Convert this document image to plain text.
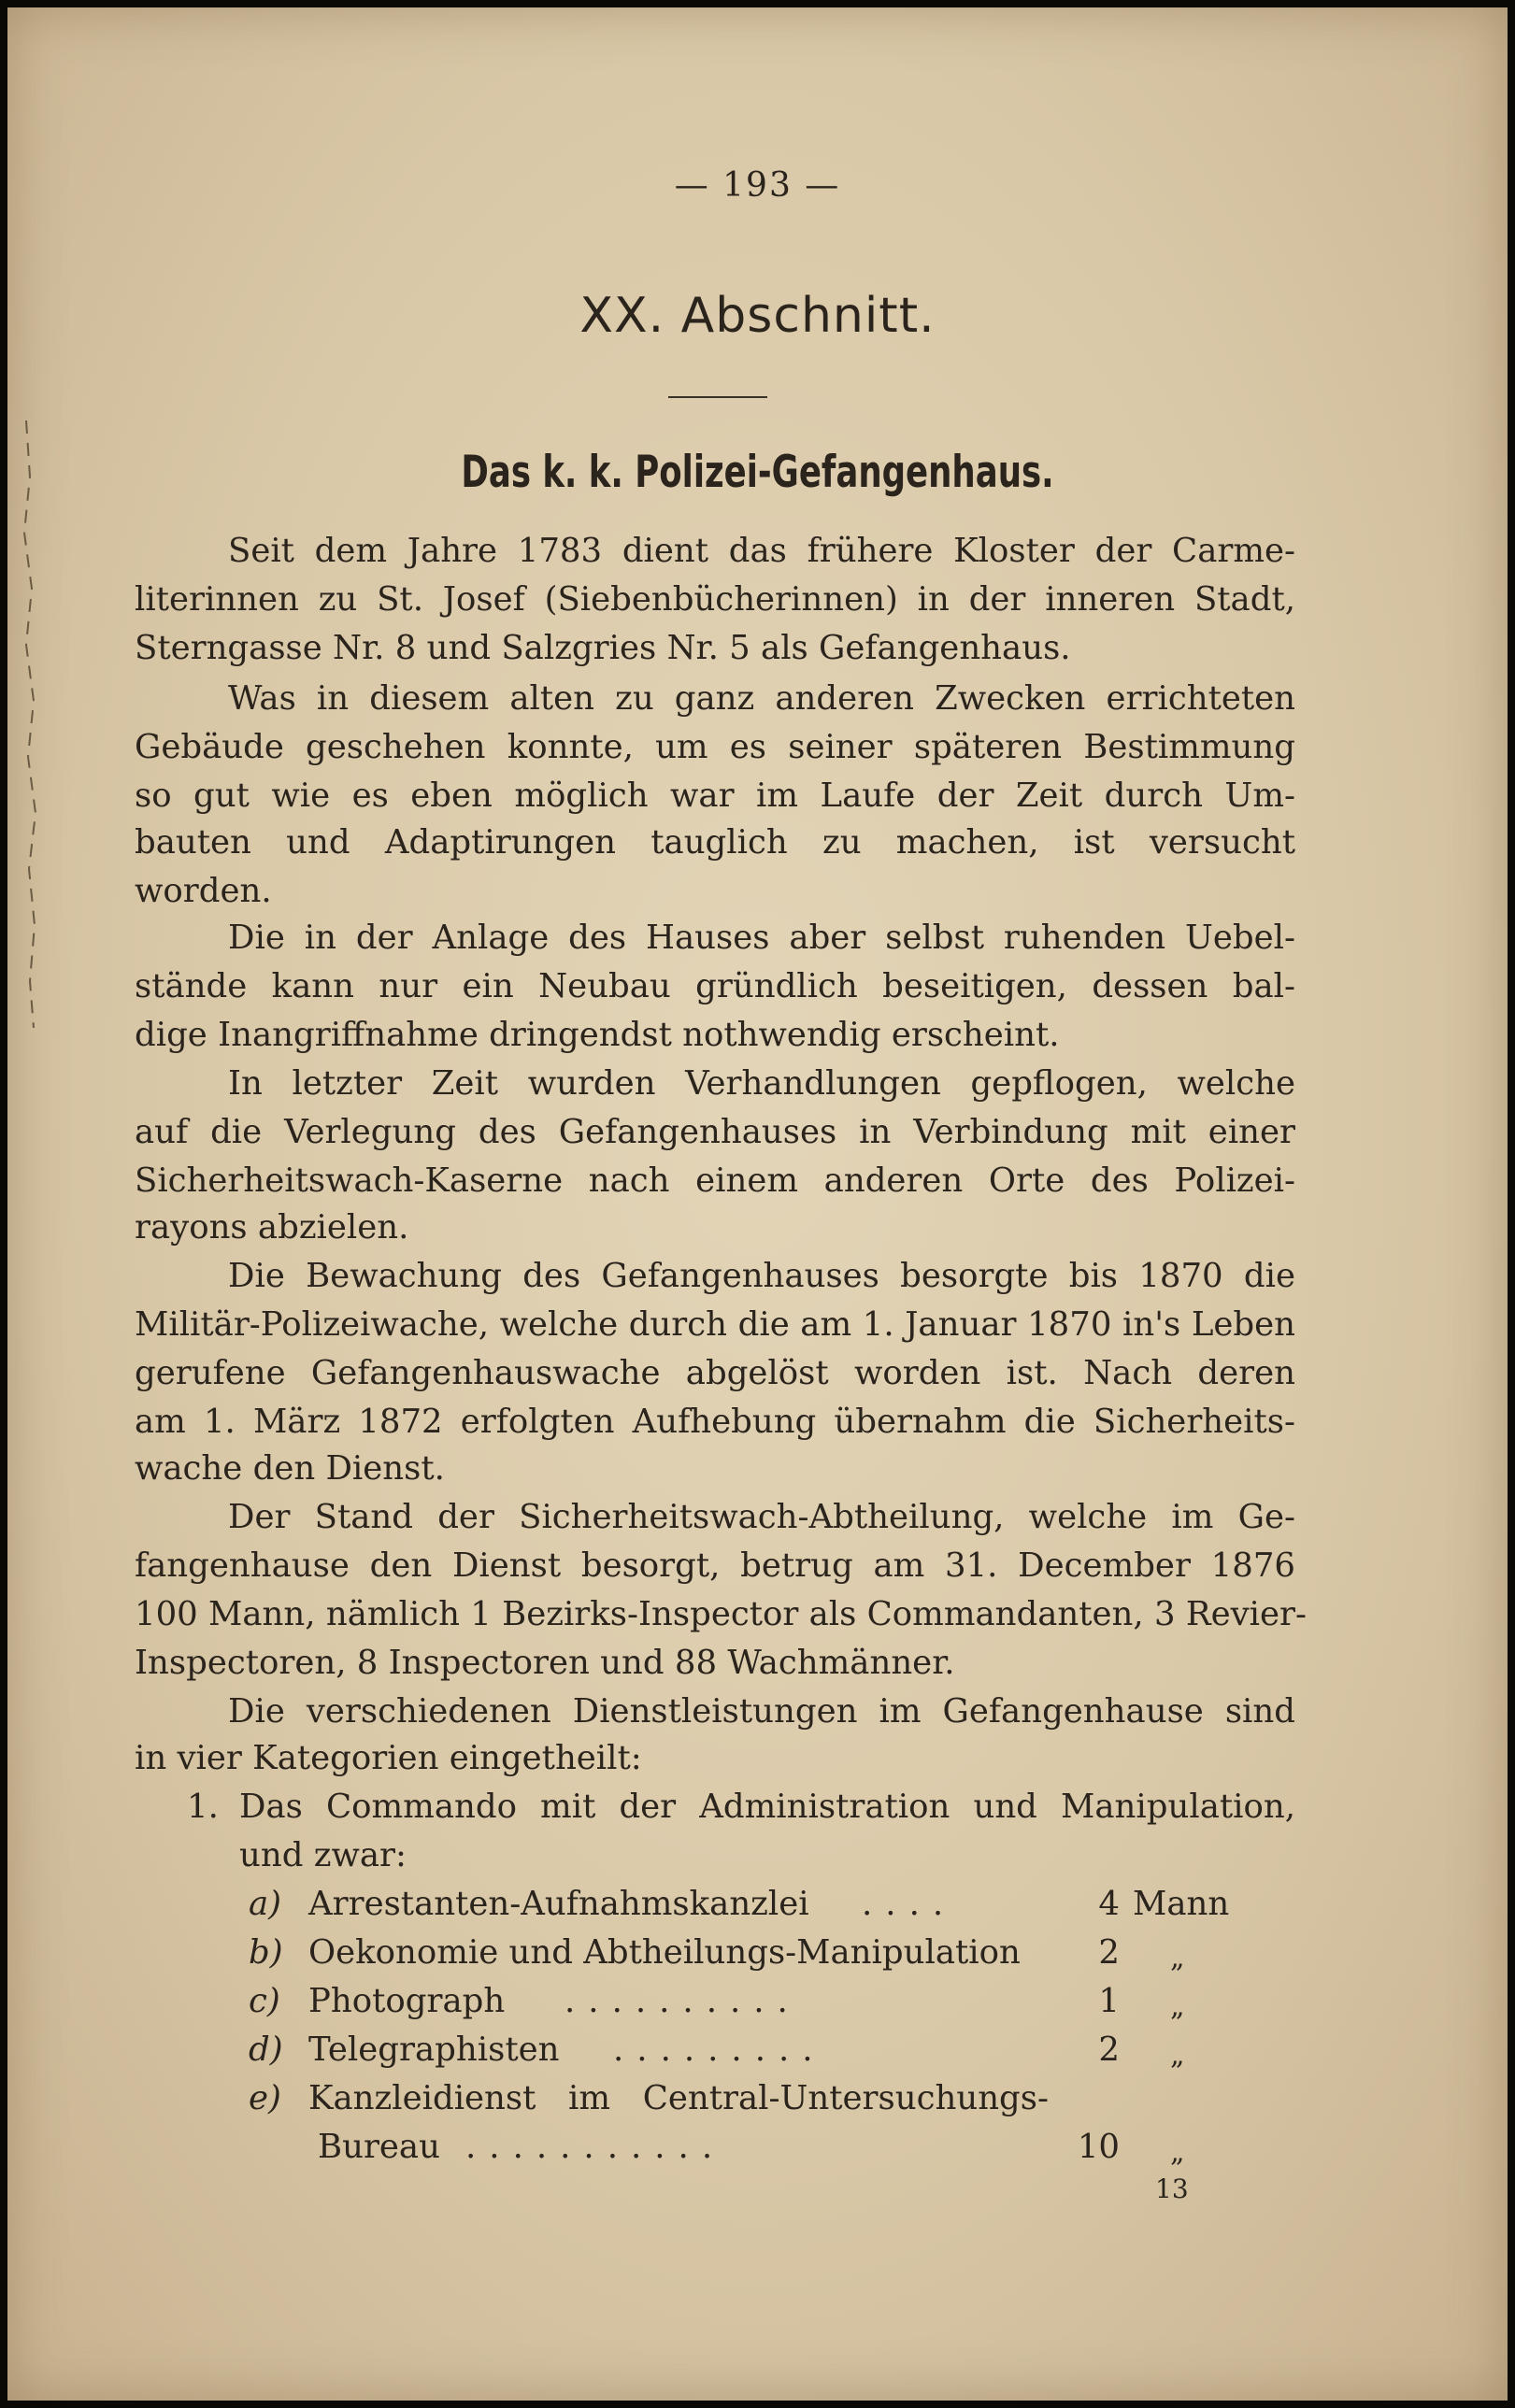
— 193 —
XX. Abschnitt.
Das k. k. Polizei-Gefangenhaus.
Seit dem Jahre 1783 dient das frühere Kloster der Carme-
literinnen zu St. Josef (Siebenbücherinnen) in der inneren Stadt,
Sterngasse Nr. 8 und Salzgries Nr. 5 als Gefangenhaus.
Was in diesem alten zu ganz anderen Zwecken errichteten
Gebäude geschehen konnte, um es seiner späteren Bestimmung
so gut wie es eben möglich war im Laufe der Zeit durch Um-
bauten und Adaptirungen tauglich zu machen, ist versucht
worden.
Die in der Anlage des Hauses aber selbst ruhenden Uebel-
stände kann nur ein Neubau gründlich beseitigen, dessen bal-
dige Inangriffnahme dringendst nothwendig erscheint.
In letzter Zeit wurden Verhandlungen gepflogen, welche
auf die Verlegung des Gefangenhauses in Verbindung mit einer
Sicherheitswach-Kaserne nach einem anderen Orte des Polizei-
rayons abzielen.
Die Bewachung des Gefangenhauses besorgte bis 1870 die
Militär-Polizeiwache, welche durch die am 1. Januar 1870 in's Leben
gerufene Gefangenhauswache abgelöst worden ist. Nach deren
am 1. März 1872 erfolgten Aufhebung übernahm die Sicherheits-
wache den Dienst.
Der Stand der Sicherheitswach-Abtheilung, welche im Ge-
fangenhause den Dienst besorgt, betrug am 31. December 1876
100 Mann, nämlich 1 Bezirks-Inspector als Commandanten, 3 Revier-
Inspectoren, 8 Inspectoren und 88 Wachmänner.
Die verschiedenen Dienstleistungen im Gefangenhause sind
in vier Kategorien eingetheilt:
1. Das Commando mit der Administration und Manipulation,
und zwar:
a) Arrestanten-Aufnahmskanzlei ....	4 Mann
b) Oekonomie und Abtheilungs-Manipulation	2 „
c) Photograph ..........	1 „
d) Telegraphisten .........	2 „
e) Kanzleidienst im Central-Untersuchungs-
Bureau ...........	10 „
13
